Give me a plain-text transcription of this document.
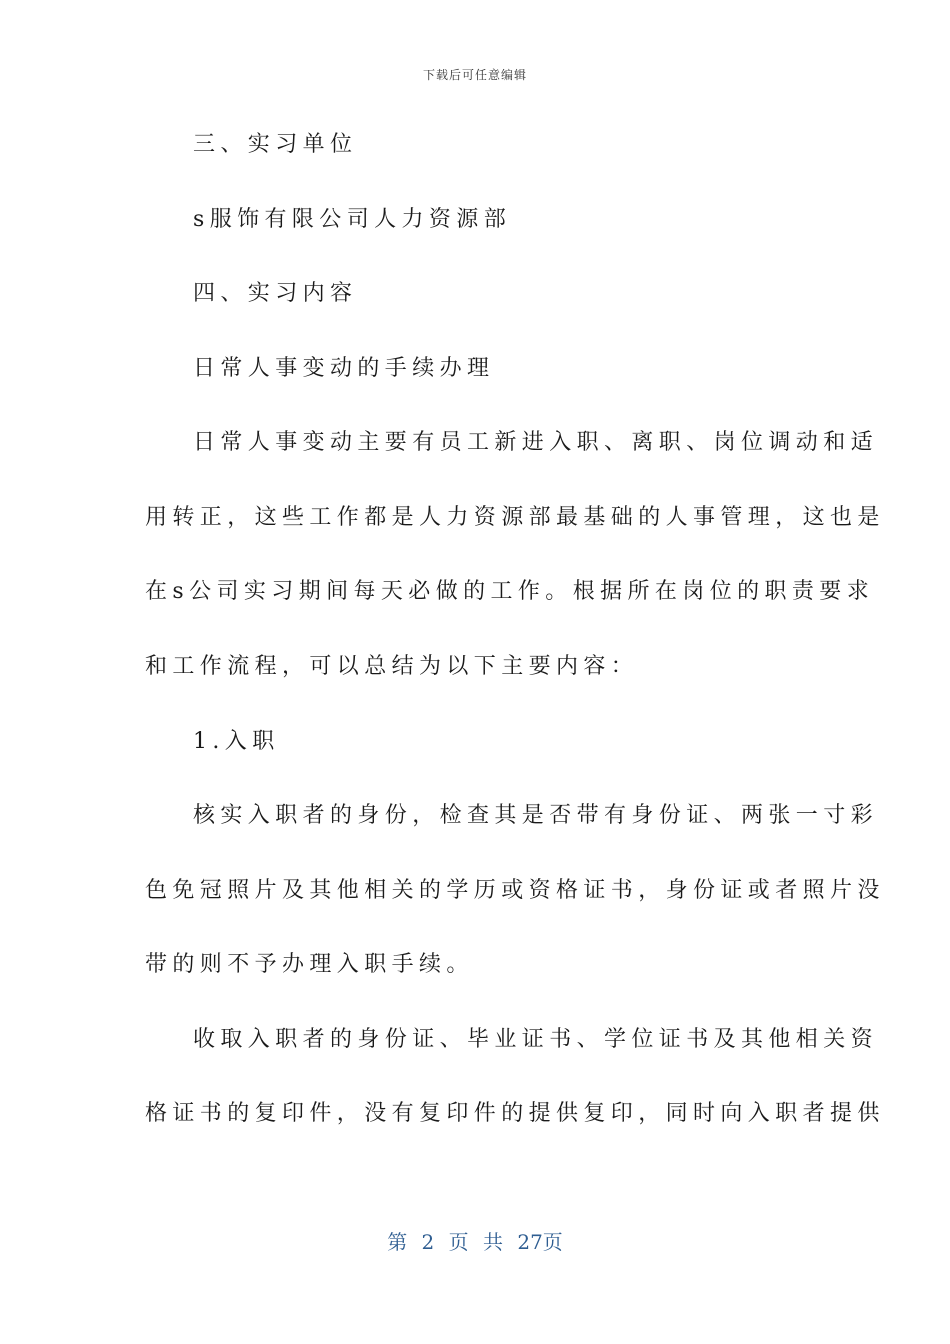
下载后可任意编辑
三、实习单位
s服饰有限公司人力资源部
四、实习内容
日常人事变动的手续办理
日常人事变动主要有员工新进入职、离职、岗位调动和适
用转正，这些工作都是人力资源部最基础的人事管理，这也是
在s公司实习期间每天必做的工作。根据所在岗位的职责要求
和工作流程，可以总结为以下主要内容：
1.入职
核实入职者的身份，检查其是否带有身份证、两张一寸彩
色免冠照片及其他相关的学历或资格证书，身份证或者照片没
带的则不予办理入职手续。
收取入职者的身份证、毕业证书、学位证书及其他相关资
格证书的复印件，没有复印件的提供复印，同时向入职者提供
第 2 页 共 27页
